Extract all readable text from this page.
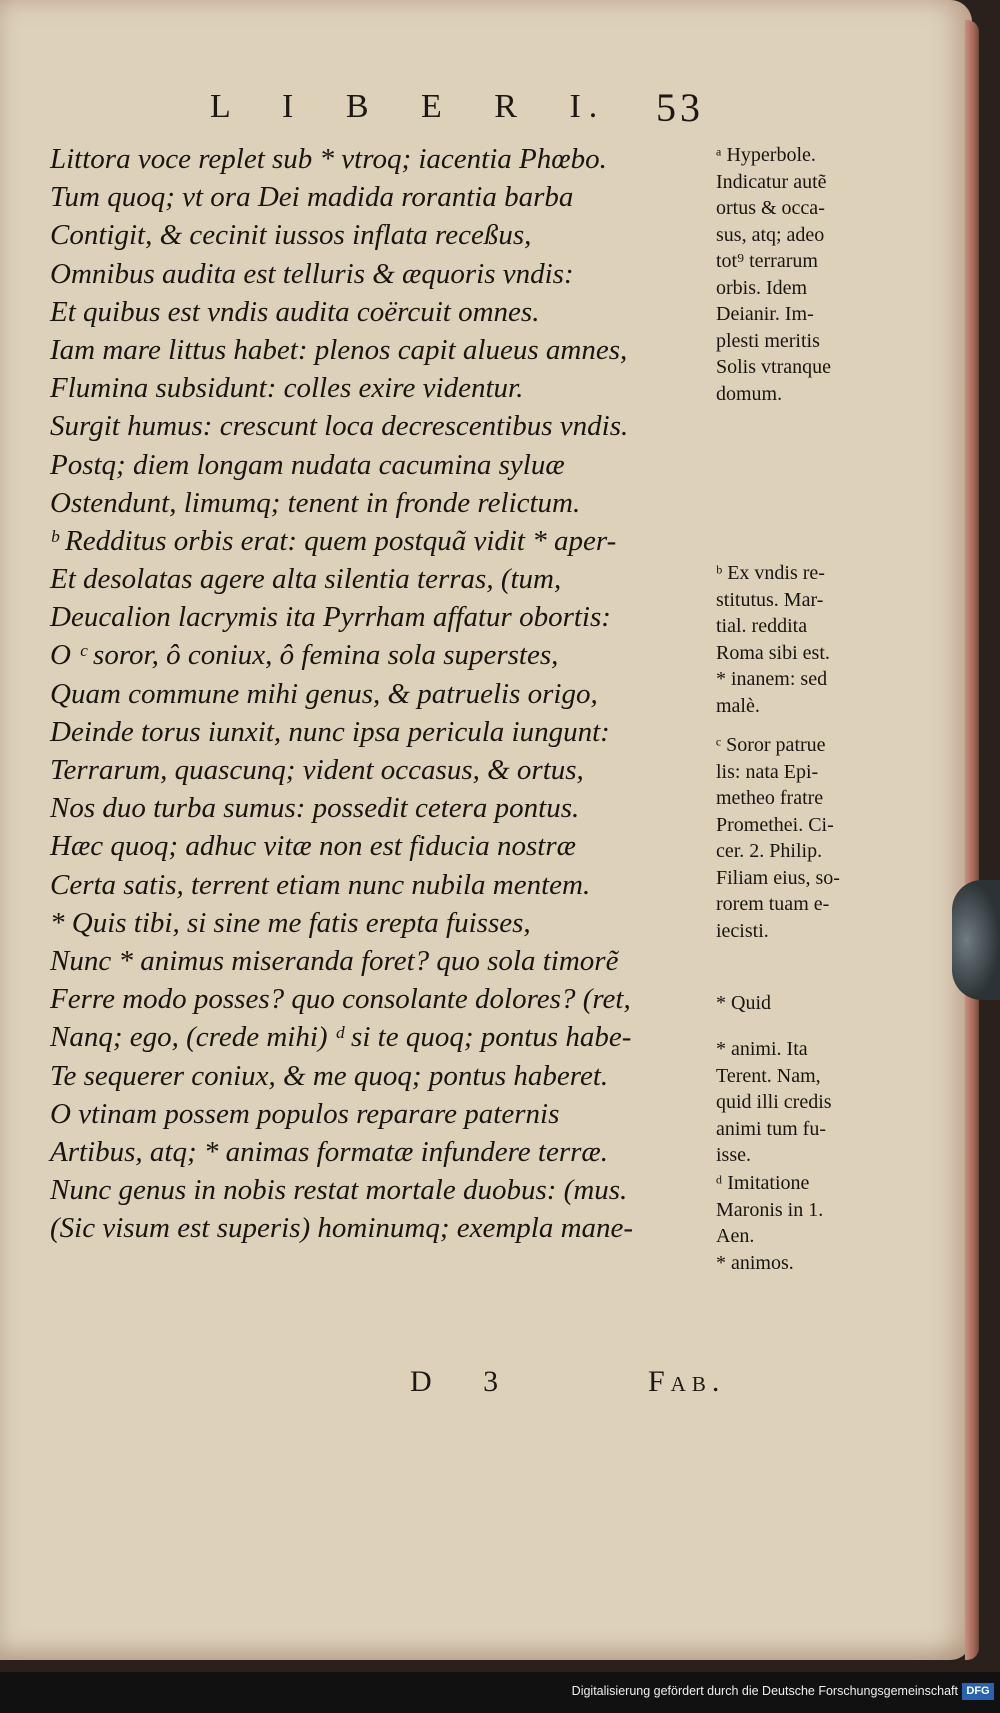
L I B E R I. 53
Littora voce replet sub * vtroq; iacentia Phœbo.
Tum quoq; vt ora Dei madida rorantia barba
Contigit, & cecinit iussos inflata receßus,
Omnibus audita est telluris & æquoris vndis:
Et quibus est vndis audita coërcuit omnes.
Iam mare littus habet: plenos capit alueus amnes,
Flumina subsidunt: colles exire videntur.
Surgit humus: crescunt loca decrescentibus vndis.
Postq; diem longam nudata cacumina syluæ
Ostendunt, limumq; tenent in fronde relictum.
ᵇ Redditus orbis erat: quem postquã vidit * aper-
Et desolatas agere alta silentia terras, (tum,
Deucalion lacrymis ita Pyrrham affatur obortis:
O ᶜ soror, ô coniux, ô femina sola superstes,
Quam commune mihi genus, & patruelis origo,
Deinde torus iunxit, nunc ipsa pericula iungunt:
Terrarum, quascunq; vident occasus, & ortus,
Nos duo turba sumus: possedit cetera pontus.
Hæc quoq; adhuc vitæ non est fiducia nostræ
Certa satis, terrent etiam nunc nubila mentem.
* Quis tibi, si sine me fatis erepta fuisses,
Nunc * animus miseranda foret? quo sola timorẽ
Ferre modo posses? quo consolante dolores? (ret,
Nanq; ego, (crede mihi) ᵈ si te quoq; pontus habe-
Te sequerer coniux, & me quoq; pontus haberet.
O vtinam possem populos reparare paternis
Artibus, atq; * animas formatæ infundere terræ.
Nunc genus in nobis restat mortale duobus: (mus.
(Sic visum est superis) hominumq; exempla mane-
ᵃ Hyperbole.
Indicatur autẽ
ortus & occa-
sus, atq; adeo
tot⁹ terrarum
orbis. Idem
Deianir. Im-
plesti meritis
Solis vtranque
domum.
ᵇ Ex vndis re-
stitutus. Mar-
tial. reddita
Roma sibi est.
* inanem: sed
malè.
ᶜ Soror patrue
lis: nata Epi-
metheo fratre
Promethei. Ci-
cer. 2. Philip.
Filiam eius, so-
rorem tuam e-
iecisti.
* Quid
* animi. Ita
Terent. Nam,
quid illi credis
animi tum fu-
isse.
ᵈ Imitatione
Maronis in 1.
Aen.
* animos.
D 3	Fab.
Digitalisierung gefördert durch die Deutsche Forschungsgemeinschaft DFG
